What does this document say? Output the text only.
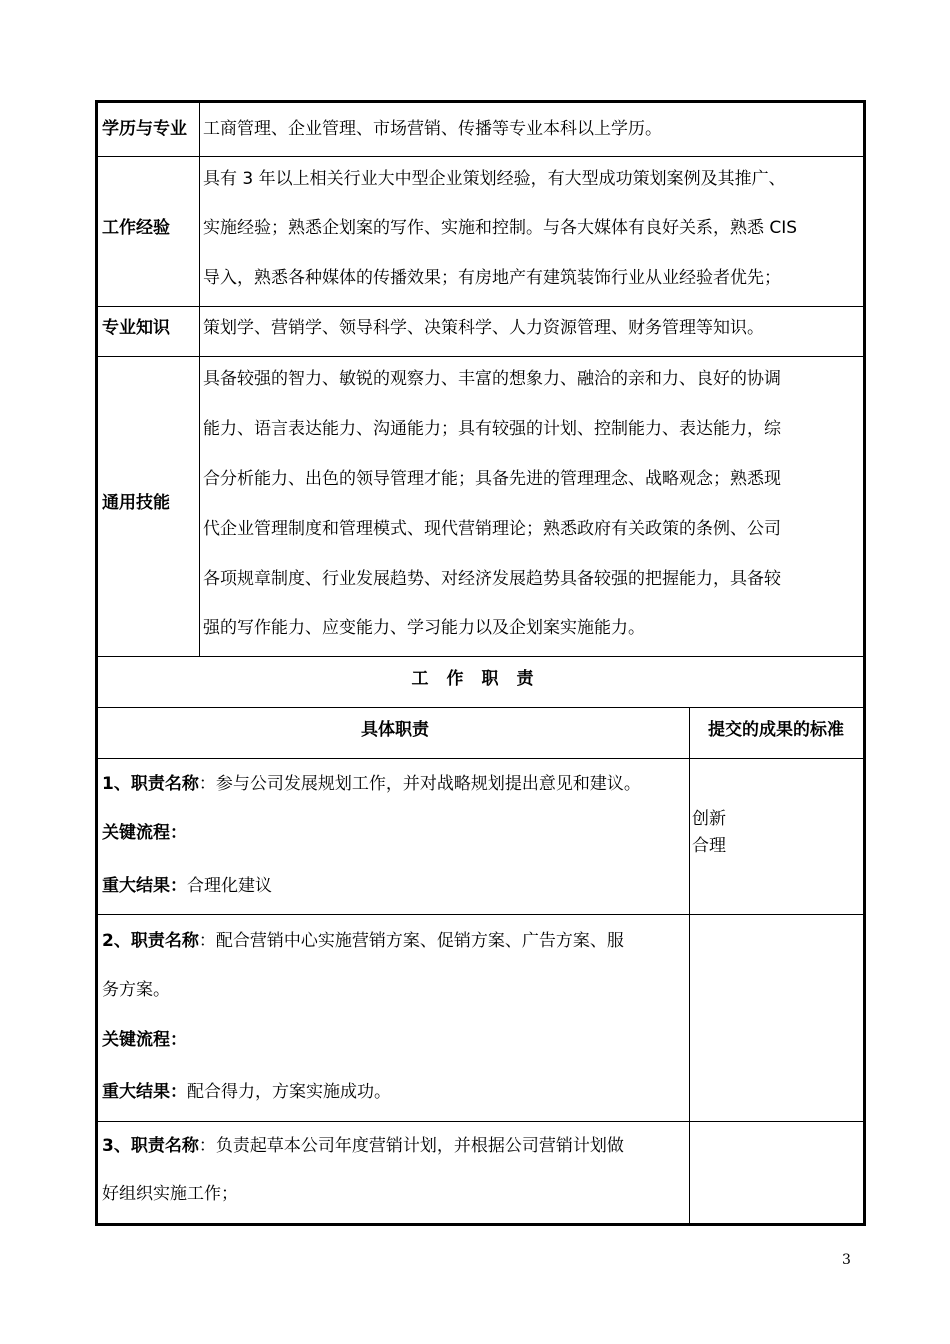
学历与专业 工商管理、企业管理、市场营销、传播等专业本科以上学历。
工作经验
具有 3 年以上相关行业大中型企业策划经验，有大型成功策划案例及其推广、
实施经验；熟悉企划案的写作、实施和控制。与各大媒体有良好关系，熟悉 CIS
导入，熟悉各种媒体的传播效果；有房地产有建筑装饰行业从业经验者优先；
专业知识	策划学、营销学、领导科学、决策科学、人力资源管理、财务管理等知识。
通用技能
具备较强的智力、敏锐的观察力、丰富的想象力、融洽的亲和力、良好的协调
能力、语言表达能力、沟通能力；具有较强的计划、控制能力、表达能力，综
合分析能力、出色的领导管理才能；具备先进的管理理念、战略观念；熟悉现
代企业管理制度和管理模式、现代营销理论；熟悉政府有关政策的条例、公司
各项规章制度、行业发展趋势、对经济发展趋势具备较强的把握能力，具备较
强的写作能力、应变能力、学习能力以及企划案实施能力。
工作职责
具体职责	提交的成果的标准
1、职责名称：参与公司发展规划工作，并对战略规划提出意见和建议。
关键流程：
重大结果：合理化建议
创新
合理
2、职责名称：配合营销中心实施营销方案、促销方案、广告方案、服
务方案。
关键流程：
重大结果：配合得力，方案实施成功。
3、职责名称：负责起草本公司年度营销计划，并根据公司营销计划做
好组织实施工作；
3
